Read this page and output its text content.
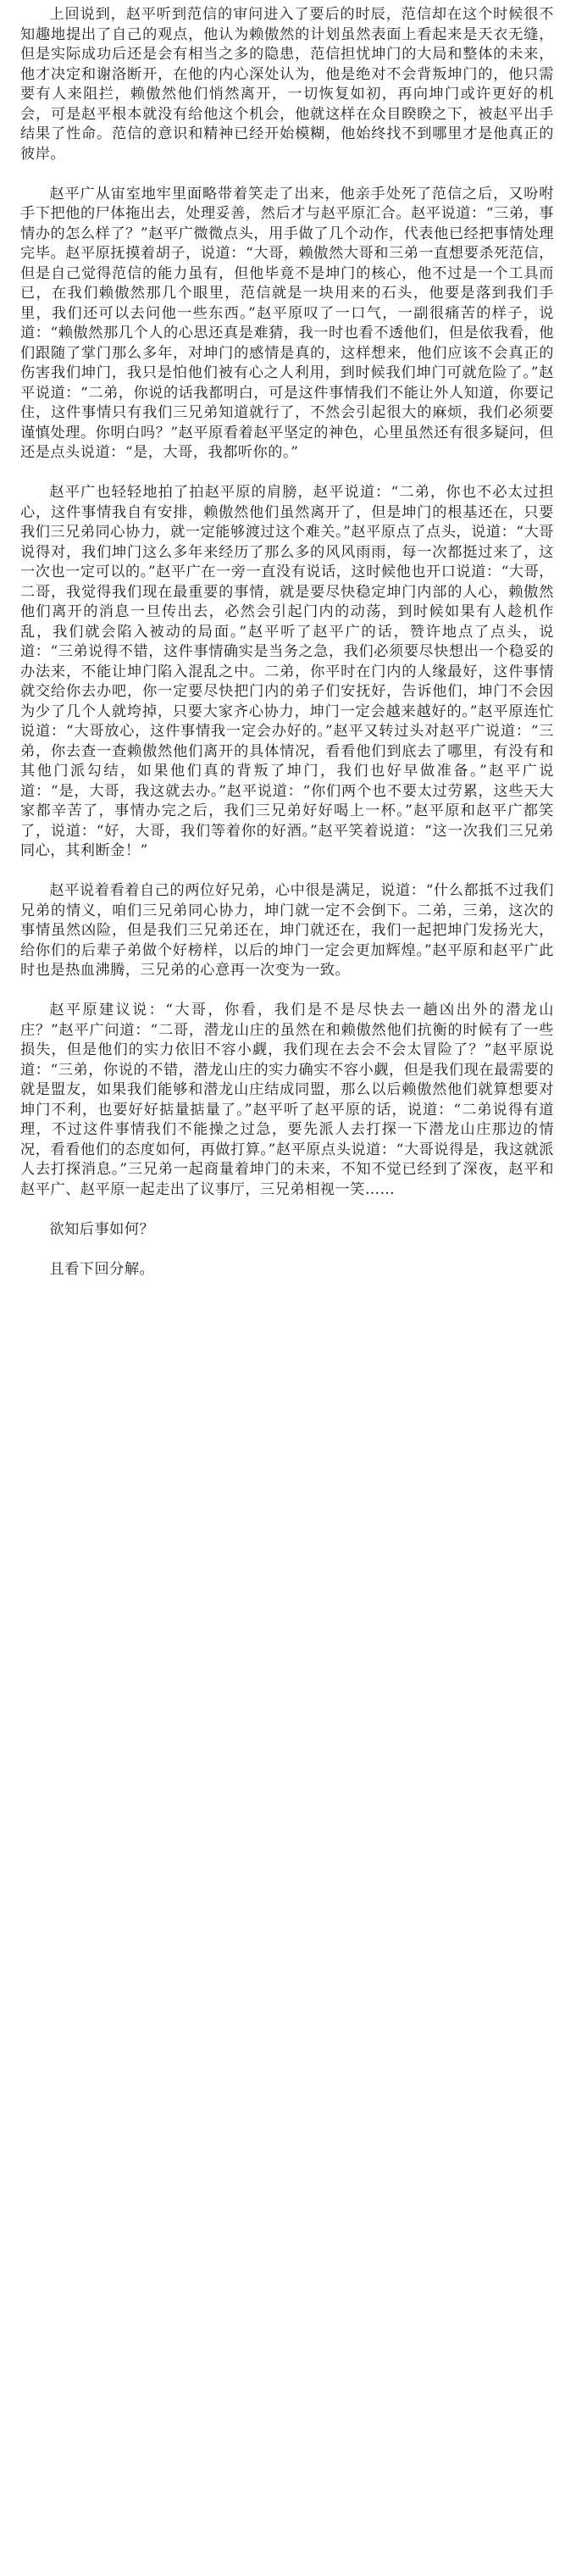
上回说到，赵平听到范信的审问进入了要后的时辰，范信却在这个时候很不知趣地提出了自己的观点，他认为赖傲然的计划虽然表面上看起来是天衣无缝，但是实际成功后还是会有相当之多的隐患，范信担忧坤门的大局和整体的未来，他才决定和谢洛断开，在他的内心深处认为，他是绝对不会背叛坤门的，他只需要有人来阻拦，赖傲然他们悄然离开，一切恢复如初，再向坤门或许更好的机会，可是赵平根本就没有给他这个机会，他就这样在众目睽睽之下，被赵平出手结果了性命。范信的意识和精神已经开始模糊，他始终找不到哪里才是他真正的彼岸。

赵平广从宙室地牢里面略带着笑走了出来，他亲手处死了范信之后，又吩咐手下把他的尸体拖出去，处理妥善，然后才与赵平原汇合。赵平说道：“三弟，事情办的怎么样了？”赵平广微微点头，用手做了几个动作，代表他已经把事情处理完毕。赵平原抚摸着胡子，说道：“大哥，赖傲然大哥和三弟一直想要杀死范信，但是自己觉得范信的能力虽有，但他毕竟不是坤门的核心，他不过是一个工具而已，在我们赖傲然那几个眼里，范信就是一块用来的石头，他要是落到我们手里，我们还可以去问他一些东西。”赵平原叹了一口气，一副很痛苦的样子，说道：“赖傲然那几个人的心思还真是难猜，我一时也看不透他们，但是依我看，他们跟随了掌门那么多年，对坤门的感情是真的，这样想来，他们应该不会真正的伤害我们坤门，我只是怕他们被有心之人利用，到时候我们坤门可就危险了。”赵平说道：“二弟，你说的话我都明白，可是这件事情我们不能让外人知道，你要记住，这件事情只有我们三兄弟知道就行了，不然会引起很大的麻烦，我们必须要谨慎处理。你明白吗？”赵平原看着赵平坚定的神色，心里虽然还有很多疑问，但还是点头说道：“是，大哥，我都听你的。”

赵平广也轻轻地拍了拍赵平原的肩膀，赵平说道：“二弟，你也不必太过担心，这件事情我自有安排，赖傲然他们虽然离开了，但是坤门的根基还在，只要我们三兄弟同心协力，就一定能够渡过这个难关。”赵平原点了点头，说道：“大哥说得对，我们坤门这么多年来经历了那么多的风风雨雨，每一次都挺过来了，这一次也一定可以的。”赵平广在一旁一直没有说话，这时候他也开口说道：“大哥，二哥，我觉得我们现在最重要的事情，就是要尽快稳定坤门内部的人心，赖傲然他们离开的消息一旦传出去，必然会引起门内的动荡，到时候如果有人趁机作乱，我们就会陷入被动的局面。”赵平听了赵平广的话，赞许地点了点头，说道：“三弟说得不错，这件事情确实是当务之急，我们必须要尽快想出一个稳妥的办法来，不能让坤门陷入混乱之中。二弟，你平时在门内的人缘最好，这件事情就交给你去办吧，你一定要尽快把门内的弟子们安抚好，告诉他们，坤门不会因为少了几个人就垮掉，只要大家齐心协力，坤门一定会越来越好的。”赵平原连忙说道：“大哥放心，这件事情我一定会办好的。”赵平又转过头对赵平广说道：“三弟，你去查一查赖傲然他们离开的具体情况，看看他们到底去了哪里，有没有和其他门派勾结，如果他们真的背叛了坤门，我们也好早做准备。”赵平广说道：“是，大哥，我这就去办。”赵平说道：“你们两个也不要太过劳累，这些天大家都辛苦了，事情办完之后，我们三兄弟好好喝上一杯。”赵平原和赵平广都笑了，说道：“好，大哥，我们等着你的好酒。”赵平笑着说道：“这一次我们三兄弟同心，其利断金！”

赵平说着看着自己的两位好兄弟，心中很是满足，说道：“什么都抵不过我们兄弟的情义，咱们三兄弟同心协力，坤门就一定不会倒下。二弟，三弟，这次的事情虽然凶险，但是我们三兄弟还在，坤门就还在，我们一起把坤门发扬光大，给你们的后辈子弟做个好榜样，以后的坤门一定会更加辉煌。”赵平原和赵平广此时也是热血沸腾，三兄弟的心意再一次变为一致。

赵平原建议说：“大哥，你看，我们是不是尽快去一趟凶出外的潜龙山庄？”赵平广问道：“二哥，潜龙山庄的虽然在和赖傲然他们抗衡的时候有了一些损失，但是他们的实力依旧不容小觑，我们现在去会不会太冒险了？”赵平原说道：“三弟，你说的不错，潜龙山庄的实力确实不容小觑，但是我们现在最需要的就是盟友，如果我们能够和潜龙山庄结成同盟，那么以后赖傲然他们就算想要对坤门不利，也要好好掂量掂量了。”赵平听了赵平原的话，说道：“二弟说得有道理，不过这件事情我们不能操之过急，要先派人去打探一下潜龙山庄那边的情况，看看他们的态度如何，再做打算。”赵平原点头说道：“大哥说得是，我这就派人去打探消息。”三兄弟一起商量着坤门的未来，不知不觉已经到了深夜，赵平和赵平广、赵平原一起走出了议事厅，三兄弟相视一笑……

欲知后事如何？

且看下回分解。
